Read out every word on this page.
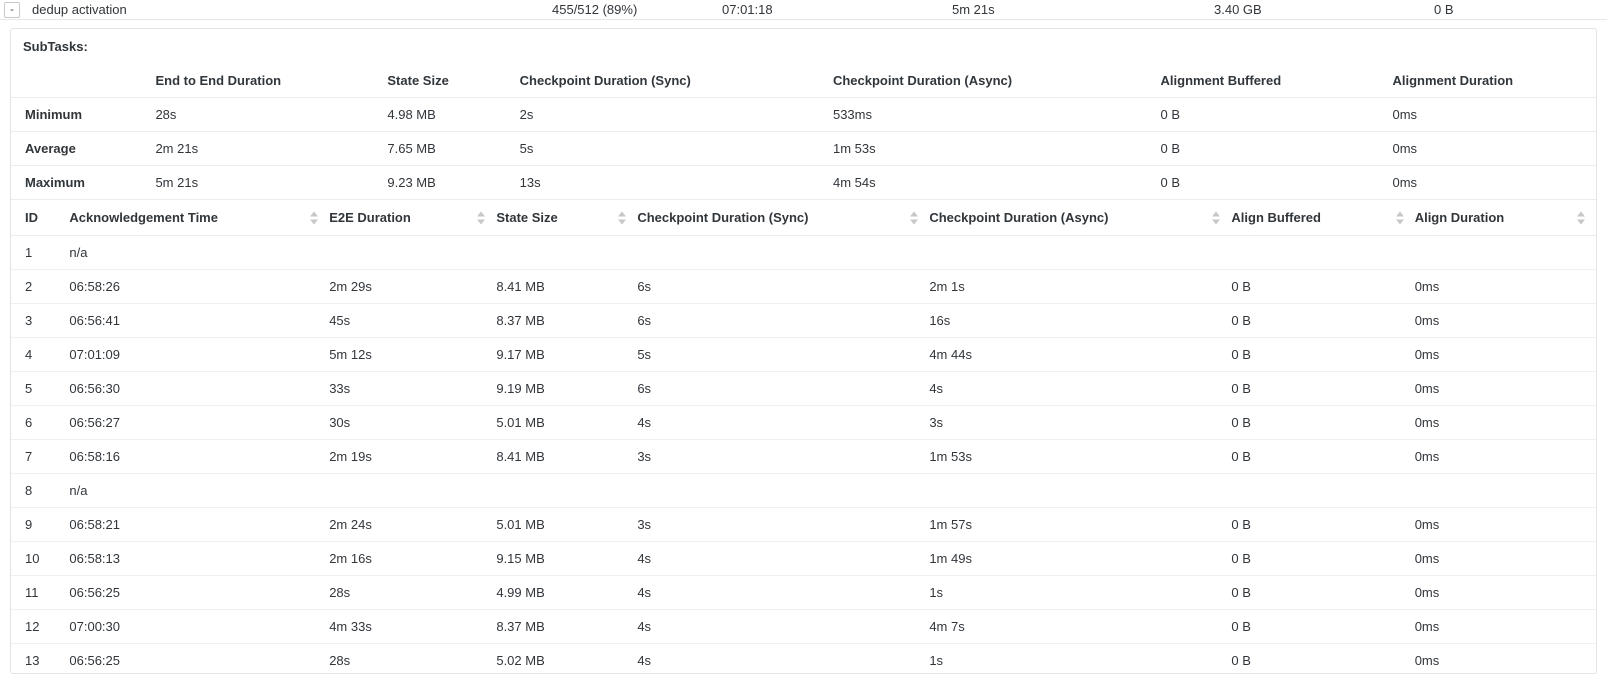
-	dedup activation	455/512 (89%)	07:01:18	5m 21s	3.40 GB	0 B
SubTasks:
	End to End Duration	State Size	Checkpoint Duration (Sync)	Checkpoint Duration (Async)	Alignment Buffered	Alignment Duration
Minimum	28s	4.98 MB	2s	533ms	0 B	0ms
Average	2m 21s	7.65 MB	5s	1m 53s	0 B	0ms
Maximum	5m 21s	9.23 MB	13s	4m 54s	0 B	0ms
ID	Acknowledgement Time	E2E Duration	State Size	Checkpoint Duration (Sync)	Checkpoint Duration (Async)	Align Buffered	Align Duration

1	n/a						
2	06:58:26	2m 29s	8.41 MB	6s	2m 1s	0 B	0ms
3	06:56:41	45s	8.37 MB	6s	16s	0 B	0ms
4	07:01:09	5m 12s	9.17 MB	5s	4m 44s	0 B	0ms
5	06:56:30	33s	9.19 MB	6s	4s	0 B	0ms
6	06:56:27	30s	5.01 MB	4s	3s	0 B	0ms
7	06:58:16	2m 19s	8.41 MB	3s	1m 53s	0 B	0ms
8	n/a						
9	06:58:21	2m 24s	5.01 MB	3s	1m 57s	0 B	0ms
10	06:58:13	2m 16s	9.15 MB	4s	1m 49s	0 B	0ms
11	06:56:25	28s	4.99 MB	4s	1s	0 B	0ms
12	07:00:30	4m 33s	8.37 MB	4s	4m 7s	0 B	0ms
13	06:56:25	28s	5.02 MB	4s	1s	0 B	0ms
